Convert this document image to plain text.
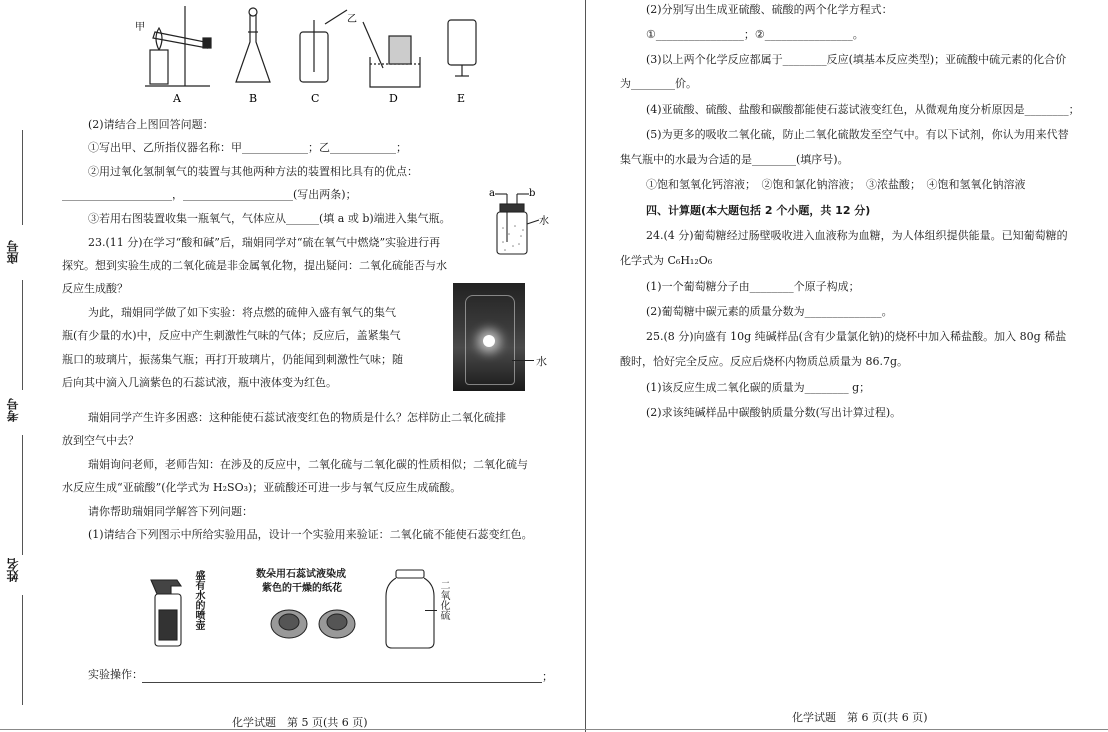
座号
考号
姓名
甲
乙
A	B	C	D	E
(2)请结合上图回答问题：
①写出甲、乙所指仪器名称：甲____________；乙____________；
②用过氧化氢制氧气的装置与其他两种方法的装置相比具有的优点：
____________________，____________________(写出两条)；
③若用右图装置收集一瓶氧气，气体应从______(填 a 或 b)端进入集气瓶。
a	b
水
23.(11 分)在学习“酸和碱”后，瑞娟同学对“硫在氧气中燃烧”实验进行再
探究。想到实验生成的二氧化硫是非金属氧化物，提出疑问：二氧化硫能否与水
反应生成酸？
为此，瑞娟同学做了如下实验：将点燃的硫伸入盛有氧气的集气
瓶(有少量的水)中，反应中产生刺激性气味的气体；反应后，盖紧集气
瓶口的玻璃片，振荡集气瓶；再打开玻璃片，仍能闻到刺激性气味；随
后向其中滴入几滴紫色的石蕊试液，瓶中液体变为红色。
水
瑞娟同学产生许多困惑：这种能使石蕊试液变红色的物质是什么？怎样防止二氧化硫排
放到空气中去？
瑞娟询问老师，老师告知：在涉及的反应中，二氧化硫与二氧化碳的性质相似；二氧化硫与
水反应生成“亚硫酸”(化学式为 H₂SO₃)；亚硫酸还可进一步与氧气反应生成硫酸。
请你帮助瑞娟同学解答下列问题：
(1)请结合下列图示中所给实验用品，设计一个实验用来验证：二氧化硫不能使石蕊变红色。
盛有水的喷壶	数朵用石蕊试液染成
紫色的干燥的纸花	二氧化硫
实验操作：	；
化学试题　第 5 页(共 6 页)
(2)分别写出生成亚硫酸、硫酸的两个化学方程式：
①________________；②________________。
(3)以上两个化学反应都属于________反应(填基本反应类型)；亚硫酸中硫元素的化合价
为________价。
(4)亚硫酸、硫酸、盐酸和碳酸都能使石蕊试液变红色，从微观角度分析原因是________；
(5)为更多的吸收二氧化硫，防止二氧化硫散发至空气中。有以下试剂，你认为用来代替
集气瓶中的水最为合适的是________(填序号)。
①饱和氢氧化钙溶液；　②饱和氯化钠溶液；　③浓盐酸；　④饱和氢氧化钠溶液
四、计算题(本大题包括 2 个小题，共 12 分)
24.(4 分)葡萄糖经过肠壁吸收进入血液称为血糖，为人体组织提供能量。已知葡萄糖的
化学式为 C₆H₁₂O₆
(1)一个葡萄糖分子由________个原子构成；
(2)葡萄糖中碳元素的质量分数为______________。
25.(8 分)向盛有 10g 纯碱样品(含有少量氯化钠)的烧杯中加入稀盐酸。加入 80g 稀盐
酸时，恰好完全反应。反应后烧杯内物质总质量为 86.7g。
(1)该反应生成二氧化碳的质量为________ g；
(2)求该纯碱样品中碳酸钠质量分数(写出计算过程)。
化学试题　第 6 页(共 6 页)
